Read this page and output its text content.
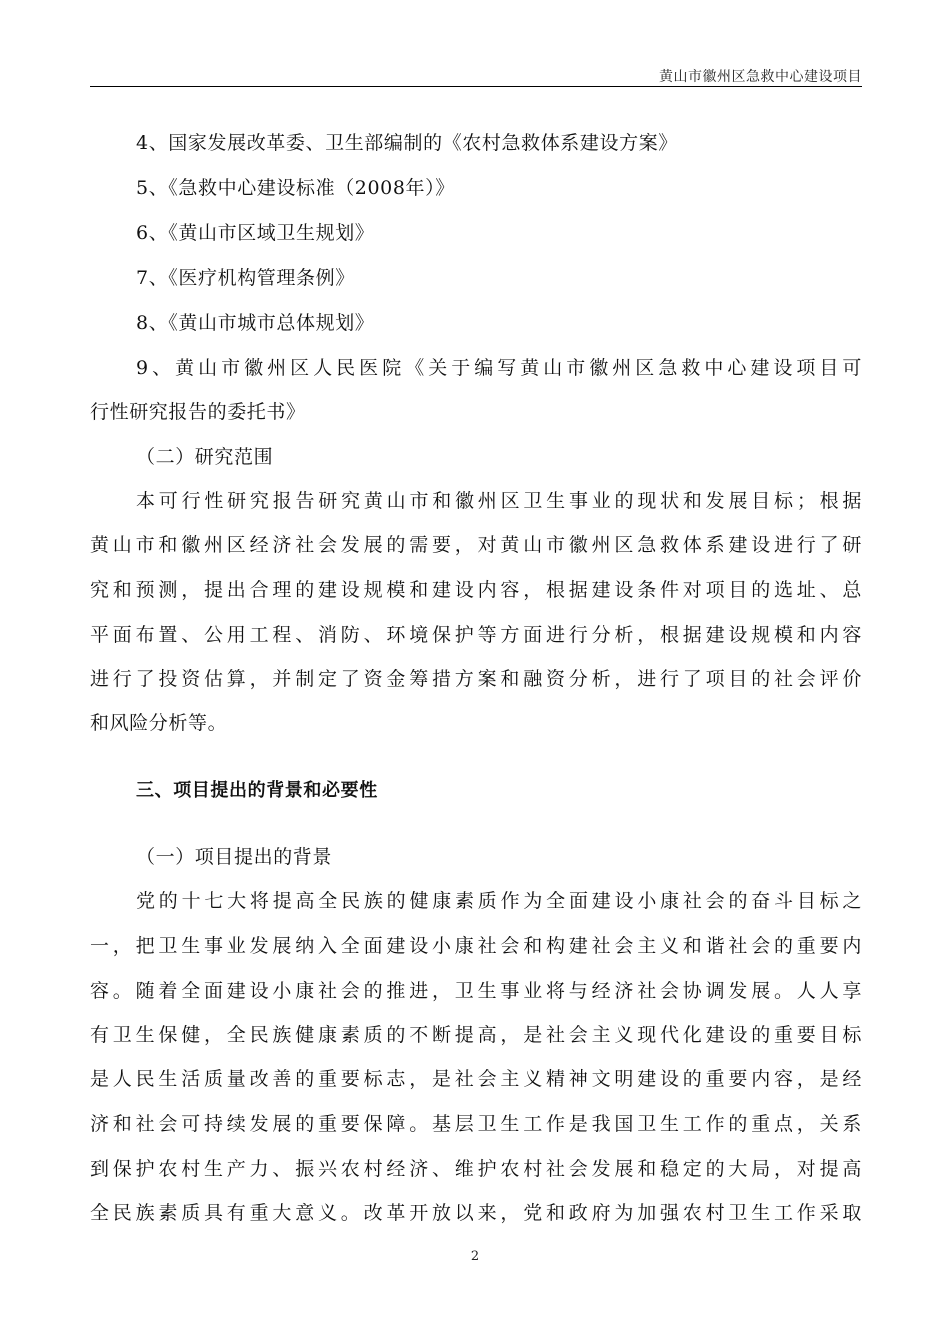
黄山市徽州区急救中心建设项目
4、国家发展改革委、卫生部编制的《农村急救体系建设方案》
5、《急救中心建设标准（2008年）》
6、《黄山市区域卫生规划》
7、《医疗机构管理条例》
8、《黄山市城市总体规划》
9、黄山市徽州区人民医院《关于编写黄山市徽州区急救中心建设项目可
行性研究报告的委托书》
（二）研究范围
本可行性研究报告研究黄山市和徽州区卫生事业的现状和发展目标；根据
黄山市和徽州区经济社会发展的需要，对黄山市徽州区急救体系建设进行了研
究和预测，提出合理的建设规模和建设内容，根据建设条件对项目的选址、总
平面布置、公用工程、消防、环境保护等方面进行分析，根据建设规模和内容
进行了投资估算，并制定了资金筹措方案和融资分析，进行了项目的社会评价
和风险分析等。
三、项目提出的背景和必要性
（一）项目提出的背景
党的十七大将提高全民族的健康素质作为全面建设小康社会的奋斗目标之
一，把卫生事业发展纳入全面建设小康社会和构建社会主义和谐社会的重要内
容。随着全面建设小康社会的推进，卫生事业将与经济社会协调发展。人人享
有卫生保健，全民族健康素质的不断提高，是社会主义现代化建设的重要目标
是人民生活质量改善的重要标志，是社会主义精神文明建设的重要内容，是经
济和社会可持续发展的重要保障。基层卫生工作是我国卫生工作的重点，关系
到保护农村生产力、振兴农村经济、维护农村社会发展和稳定的大局，对提高
全民族素质具有重大意义。改革开放以来，党和政府为加强农村卫生工作采取
2
